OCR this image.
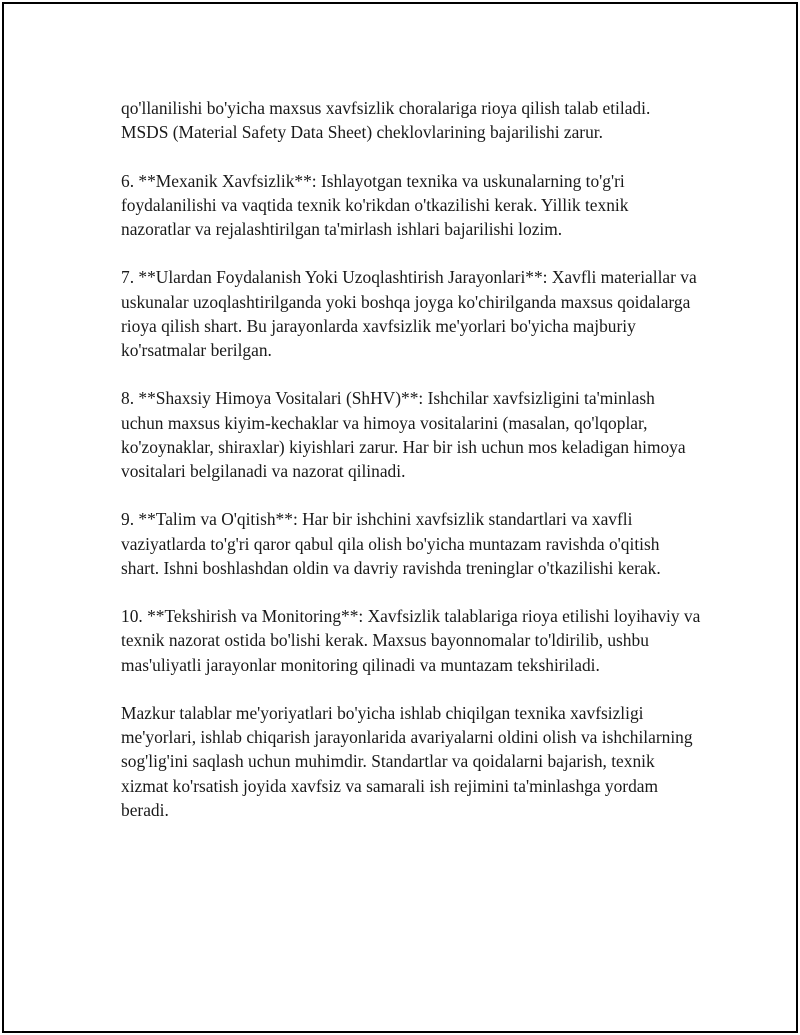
qo'llanilishi bo'yicha maxsus xavfsizlik choralariga rioya qilish talab etiladi. MSDS (Material Safety Data Sheet) cheklovlarining bajarilishi zarur.

6. **Mexanik Xavfsizlik**: Ishlayotgan texnika va uskunalarning to'g'ri foydalanilishi va vaqtida texnik ko'rikdan o'tkazilishi kerak. Yillik texnik nazoratlar va rejalashtirilgan ta'mirlash ishlari bajarilishi lozim.

7. **Ulardan Foydalanish Yoki Uzoqlashtirish Jarayonlari**: Xavfli materiallar va uskunalar uzoqlashtirilganda yoki boshqa joyga ko'chirilganda maxsus qoidalarga rioya qilish shart. Bu jarayonlarda xavfsizlik me'yorlari bo'yicha majburiy ko'rsatmalar berilgan.

8. **Shaxsiy Himoya Vositalari (ShHV)**: Ishchilar xavfsizligini ta'minlash uchun maxsus kiyim-kechaklar va himoya vositalarini (masalan, qo'lqoplar, ko'zoynaklar, shiraxlar) kiyishlari zarur. Har bir ish uchun mos keladigan himoya vositalari belgilanadi va nazorat qilinadi.

9. **Talim va O'qitish**: Har bir ishchini xavfsizlik standartlari va xavfli vaziyatlarda to'g'ri qaror qabul qila olish bo'yicha muntazam ravishda o'qitish shart. Ishni boshlashdan oldin va davriy ravishda treninglar o'tkazilishi kerak.

10. **Tekshirish va Monitoring**: Xavfsizlik talablariga rioya etilishi loyihaviy va texnik nazorat ostida bo'lishi kerak. Maxsus bayonnomalar to'ldirilib, ushbu mas'uliyatli jarayonlar monitoring qilinadi va muntazam tekshiriladi.

Mazkur talablar me'yoriyatlari bo'yicha ishlab chiqilgan texnika xavfsizligi me'yorlari, ishlab chiqarish jarayonlarida avariyalarni oldini olish va ishchilarning sog'lig'ini saqlash uchun muhimdir. Standartlar va qoidalarni bajarish, texnik xizmat ko'rsatish joyida xavfsiz va samarali ish rejimini ta'minlashga yordam beradi.
